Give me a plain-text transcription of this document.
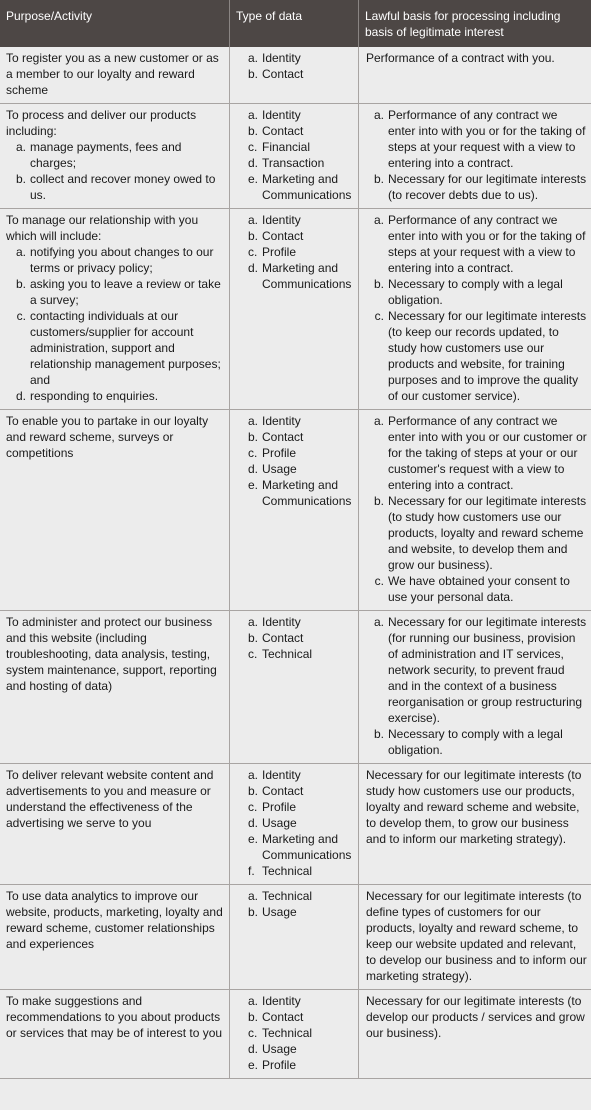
Purpose/Activity	Type of data	Lawful basis for processing including basis of legitimate interest
To register you as a new customer or as a member to our loyalty and reward scheme
a. Identity
b. Contact
Performance of a contract with you.
To process and deliver our products including:
a. manage payments, fees and charges;
b. collect and recover money owed to us.
a. Identity
b. Contact
c. Financial
d. Transaction
e. Marketing and Communications
a. Performance of any contract we enter into with you or for the taking of steps at your request with a view to entering into a contract.
b. Necessary for our legitimate interests (to recover debts due to us).
To manage our relationship with you which will include:
a. notifying you about changes to our terms or privacy policy;
b. asking you to leave a review or take a survey;
c. contacting individuals at our customers/supplier for account administration, support and relationship management purposes; and
d. responding to enquiries.
a. Identity
b. Contact
c. Profile
d. Marketing and Communications
a. Performance of any contract we enter into with you or for the taking of steps at your request with a view to entering into a contract.
b. Necessary to comply with a legal obligation.
c. Necessary for our legitimate interests (to keep our records updated, to study how customers use our products and website, for training purposes and to improve the quality of our customer service).
To enable you to partake in our loyalty and reward scheme, surveys or competitions
a. Identity
b. Contact
c. Profile
d. Usage
e. Marketing and Communications
a. Performance of any contract we enter into with you or our customer or for the taking of steps at your or our customer's request with a view to entering into a contract.
b. Necessary for our legitimate interests (to study how customers use our products, loyalty and reward scheme and website, to develop them and grow our business).
c. We have obtained your consent to use your personal data.
To administer and protect our business and this website (including troubleshooting, data analysis, testing, system maintenance, support, reporting and hosting of data)
a. Identity
b. Contact
c. Technical
a. Necessary for our legitimate interests (for running our business, provision of administration and IT services, network security, to prevent fraud and in the context of a business reorganisation or group restructuring exercise).
b. Necessary to comply with a legal obligation.
To deliver relevant website content and advertisements to you and measure or understand the effectiveness of the advertising we serve to you
a. Identity
b. Contact
c. Profile
d. Usage
e. Marketing and Communications
f. Technical
Necessary for our legitimate interests (to study how customers use our products, loyalty and reward scheme and website, to develop them, to grow our business and to inform our marketing strategy).
To use data analytics to improve our website, products, marketing, loyalty and reward scheme, customer relationships and experiences
a. Technical
b. Usage
Necessary for our legitimate interests (to define types of customers for our products, loyalty and reward scheme, to keep our website updated and relevant, to develop our business and to inform our marketing strategy).
To make suggestions and recommendations to you about products or services that may be of interest to you
a. Identity
b. Contact
c. Technical
d. Usage
e. Profile
Necessary for our legitimate interests (to develop our products / services and grow our business).
